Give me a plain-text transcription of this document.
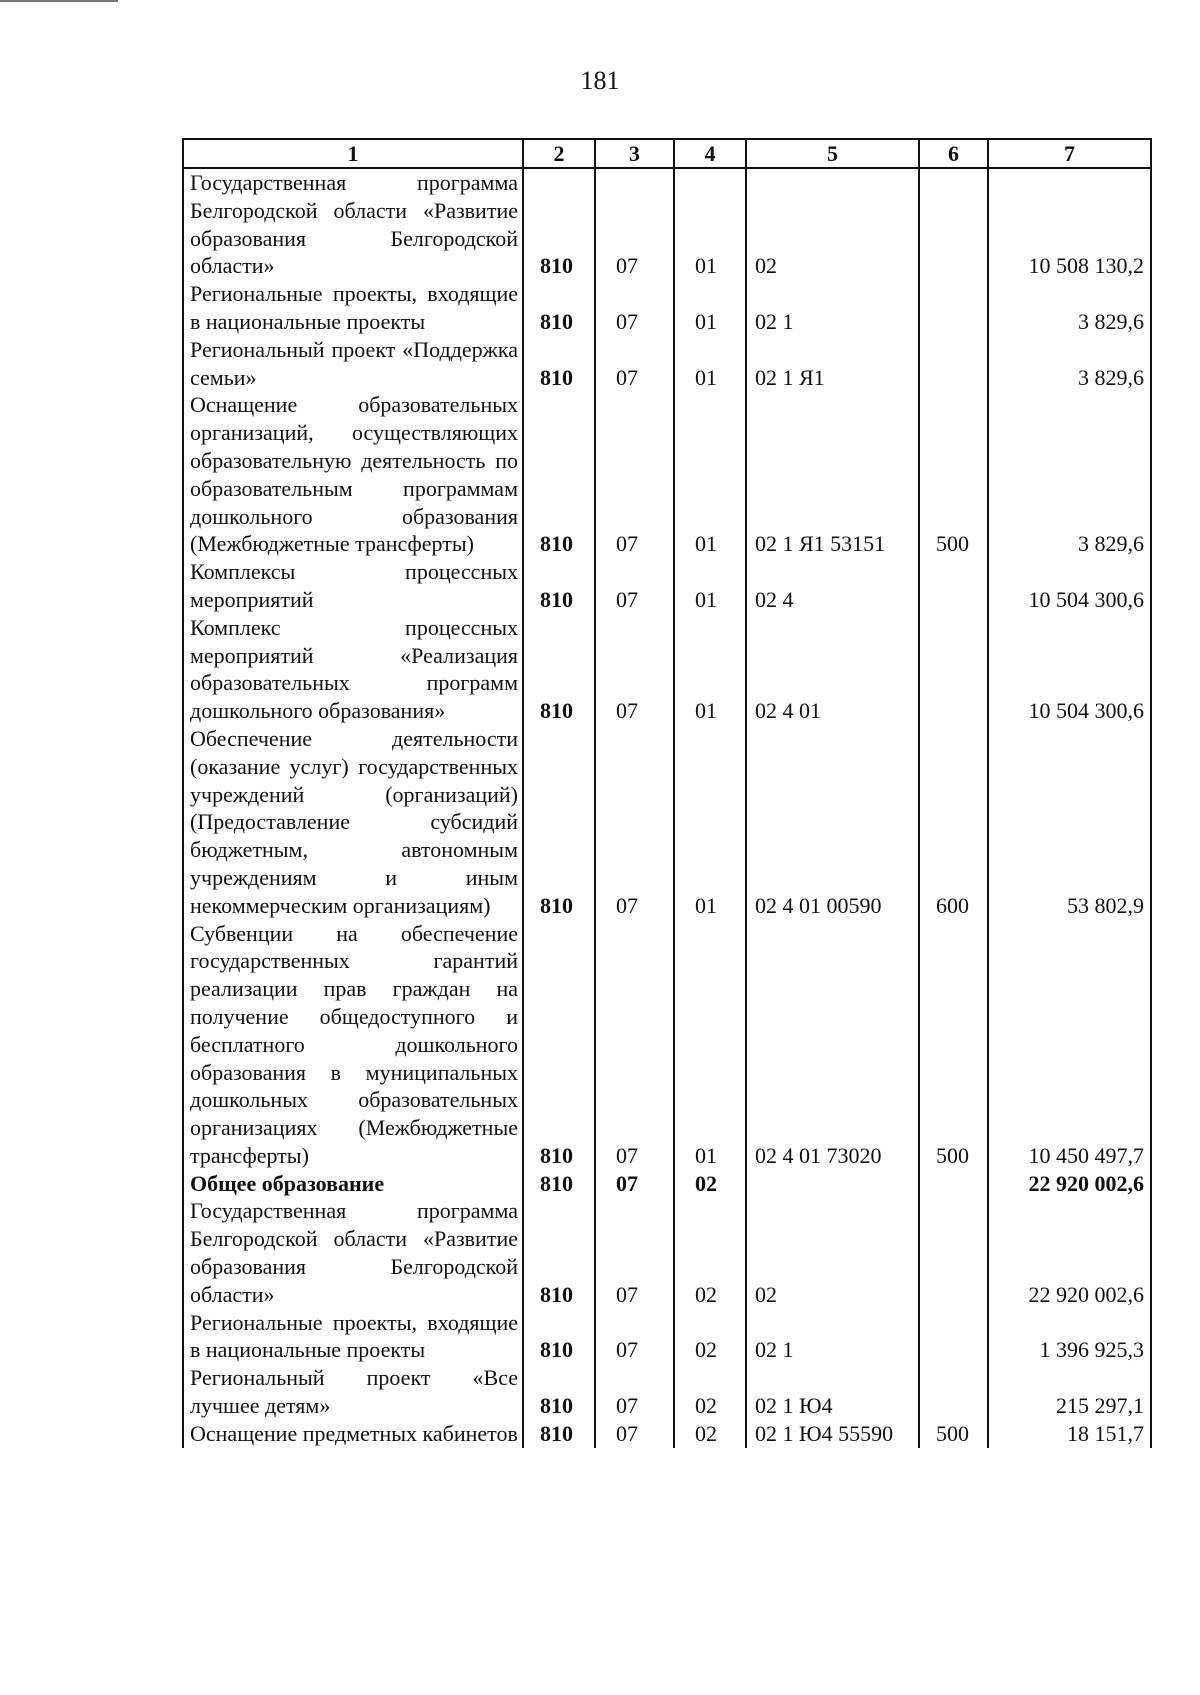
181
1	2	3	4	5	6	7
Государственная программа Белгородской области «Развитие образования Белгородской области»	810	07	01	02		10 508 130,2
Региональные проекты, входящие в национальные проекты	810	07	01	02 1		3 829,6
Региональный проект «Поддержка семьи»	810	07	01	02 1 Я1		3 829,6
Оснащение образовательных организаций, осуществляющих образовательную деятельность по образовательным программам дошкольного образования (Межбюджетные трансферты)	810	07	01	02 1 Я1 53151	500	3 829,6
Комплексы процессных мероприятий	810	07	01	02 4		10 504 300,6
Комплекс процессных мероприятий «Реализация образовательных программ дошкольного образования»	810	07	01	02 4 01		10 504 300,6
Обеспечение деятельности (оказание услуг) государственных учреждений (организаций) (Предоставление субсидий бюджетным, автономным учреждениям и иным некоммерческим организациям)	810	07	01	02 4 01 00590	600	53 802,9
Субвенции на обеспечение государственных гарантий реализации прав граждан на получение общедоступного и бесплатного дошкольного образования в муниципальных дошкольных образовательных организациях (Межбюджетные трансферты)	810	07	01	02 4 01 73020	500	10 450 497,7
Общее образование	810	07	02			22 920 002,6
Государственная программа Белгородской области «Развитие образования Белгородской области»	810	07	02	02		22 920 002,6
Региональные проекты, входящие в национальные проекты	810	07	02	02 1		1 396 925,3
Региональный проект «Все лучшее детям»	810	07	02	02 1 Ю4		215 297,1
Оснащение предметных кабинетов	810	07	02	02 1 Ю4 55590	500	18 151,7
